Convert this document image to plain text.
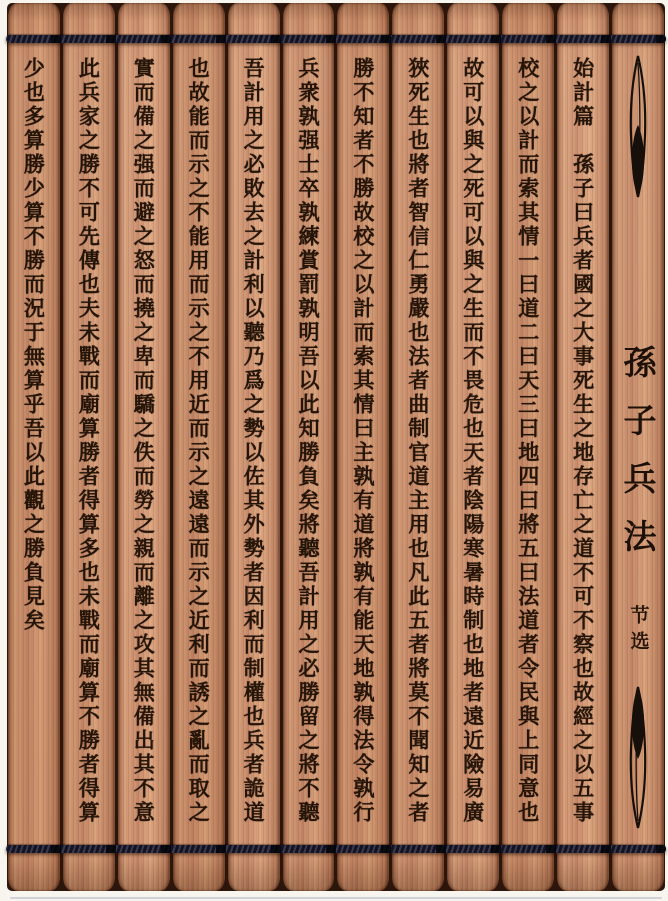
孫子兵法
节选
始計篇　孫子曰兵者國之大事死生之地存亡之道不可不察也故經之以五事
校之以計而索其情一曰道二曰天三曰地四曰將五曰法道者令民與上同意也
故可以與之死可以與之生而不畏危也天者陰陽寒暑時制也地者遠近險易廣
狹死生也將者智信仁勇嚴也法者曲制官道主用也凡此五者將莫不聞知之者
勝不知者不勝故校之以計而索其情曰主孰有道將孰有能天地孰得法令孰行
兵衆孰强士卒孰練賞罰孰明吾以此知勝負矣將聽吾計用之必勝留之將不聽
吾計用之必敗去之計利以聽乃爲之勢以佐其外勢者因利而制權也兵者詭道
也故能而示之不能用而示之不用近而示之遠遠而示之近利而誘之亂而取之
實而備之强而避之怒而撓之卑而驕之佚而勞之親而離之攻其無備出其不意
此兵家之勝不可先傳也夫未戰而廟算勝者得算多也未戰而廟算不勝者得算
少也多算勝少算不勝而況于無算乎吾以此觀之勝負見矣
